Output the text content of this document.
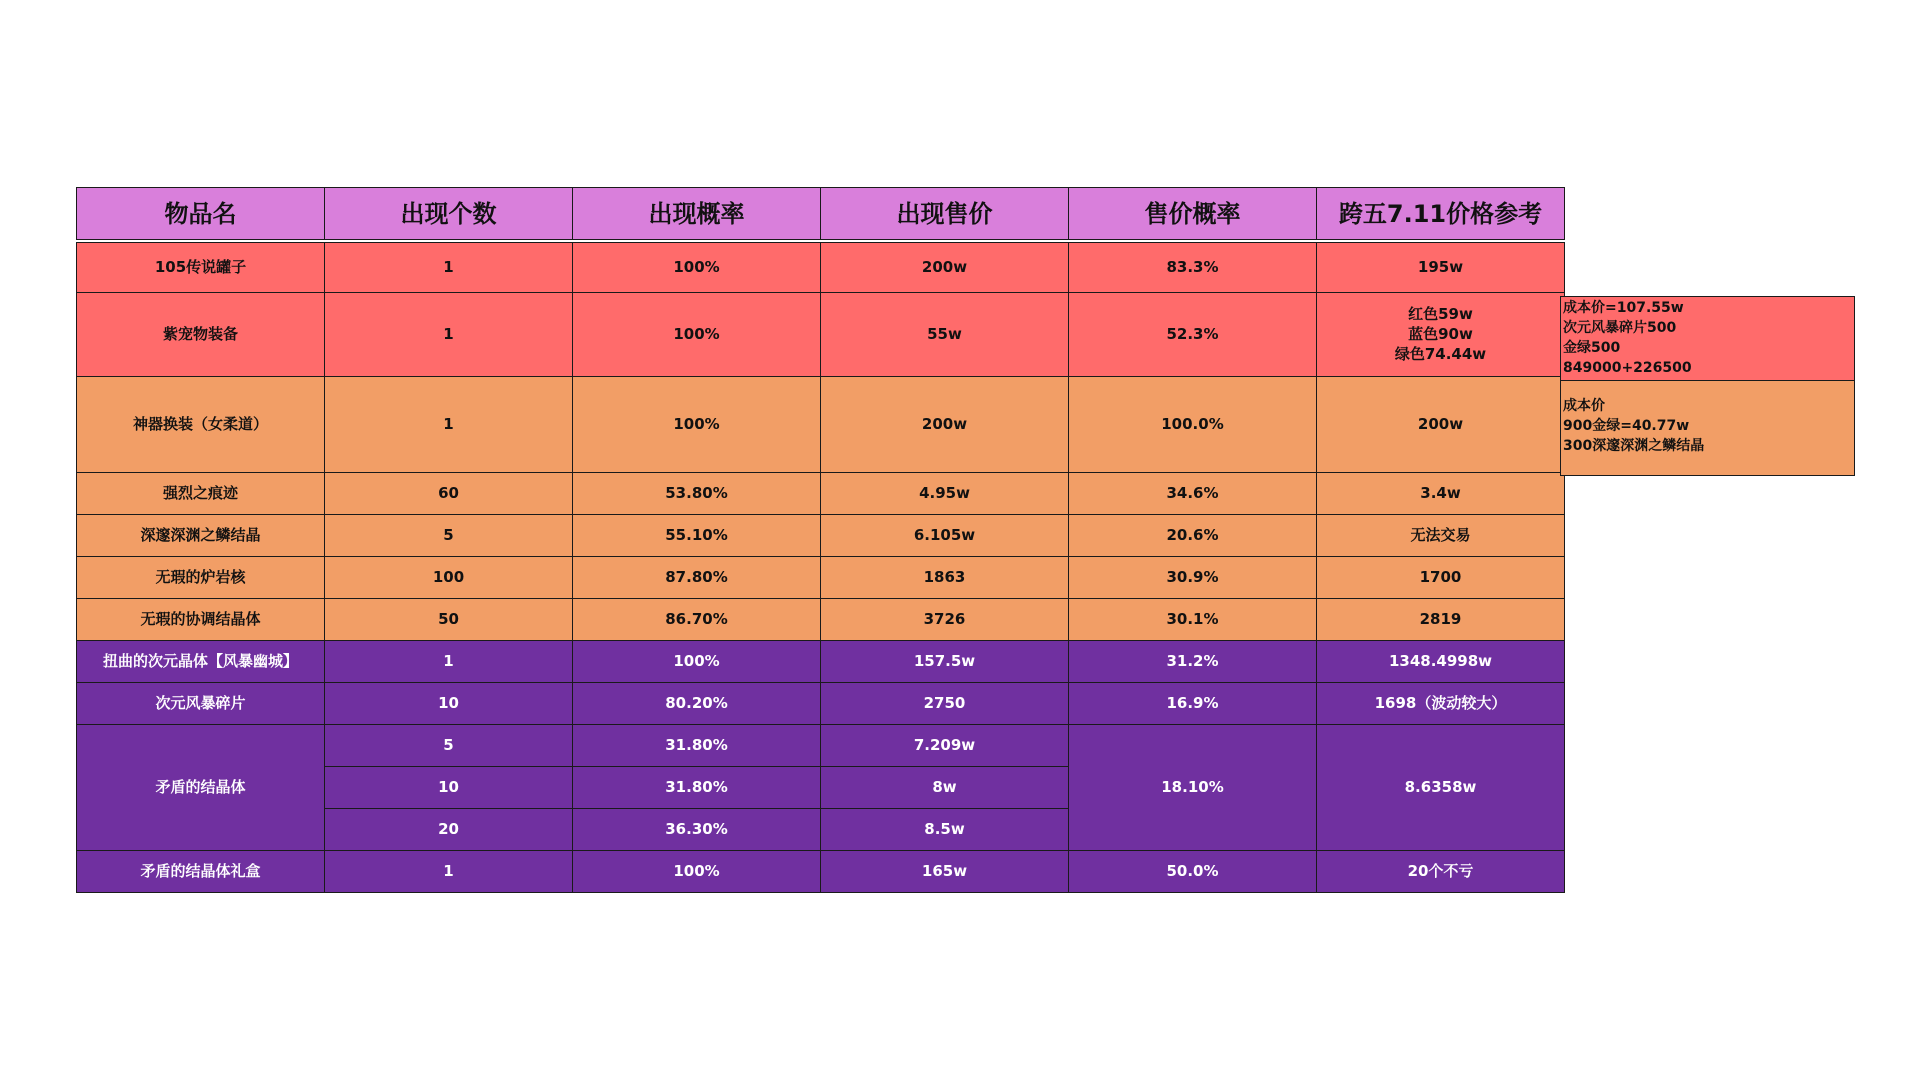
物品名	出现个数	出现概率	出现售价	售价概率	跨五7.11价格参考
105传说罐子	1	100%	200w	83.3%	195w
紫宠物装备	1	100%	55w	52.3%	红色59w
蓝色90w
绿色74.44w

神器换装（女柔道）	1	100%	200w	100.0%	200w
强烈之痕迹	60	53.80%	4.95w	34.6%	3.4w
深邃深渊之鳞结晶	5	55.10%	6.105w	20.6%	无法交易
无瑕的炉岩核	100	87.80%	1863	30.9%	1700
无瑕的协调结晶体	50	86.70%	3726	30.1%	2819
扭曲的次元晶体【风暴幽城】	1	100%	157.5w	31.2%	1348.4998w
次元风暴碎片	10	80.20%	2750	16.9%	1698（波动较大）
矛盾的结晶体	5	31.80%	7.209w	18.10%	8.6358w
	10	31.80%	8w		
	20	36.30%	8.5w		
矛盾的结晶体礼盒	1	100%	165w	50.0%	20个不亏
成本价=107.55w
次元风暴碎片500
金绿500
849000+226500
成本价
900金绿=40.77w
300深邃深渊之鳞结晶
